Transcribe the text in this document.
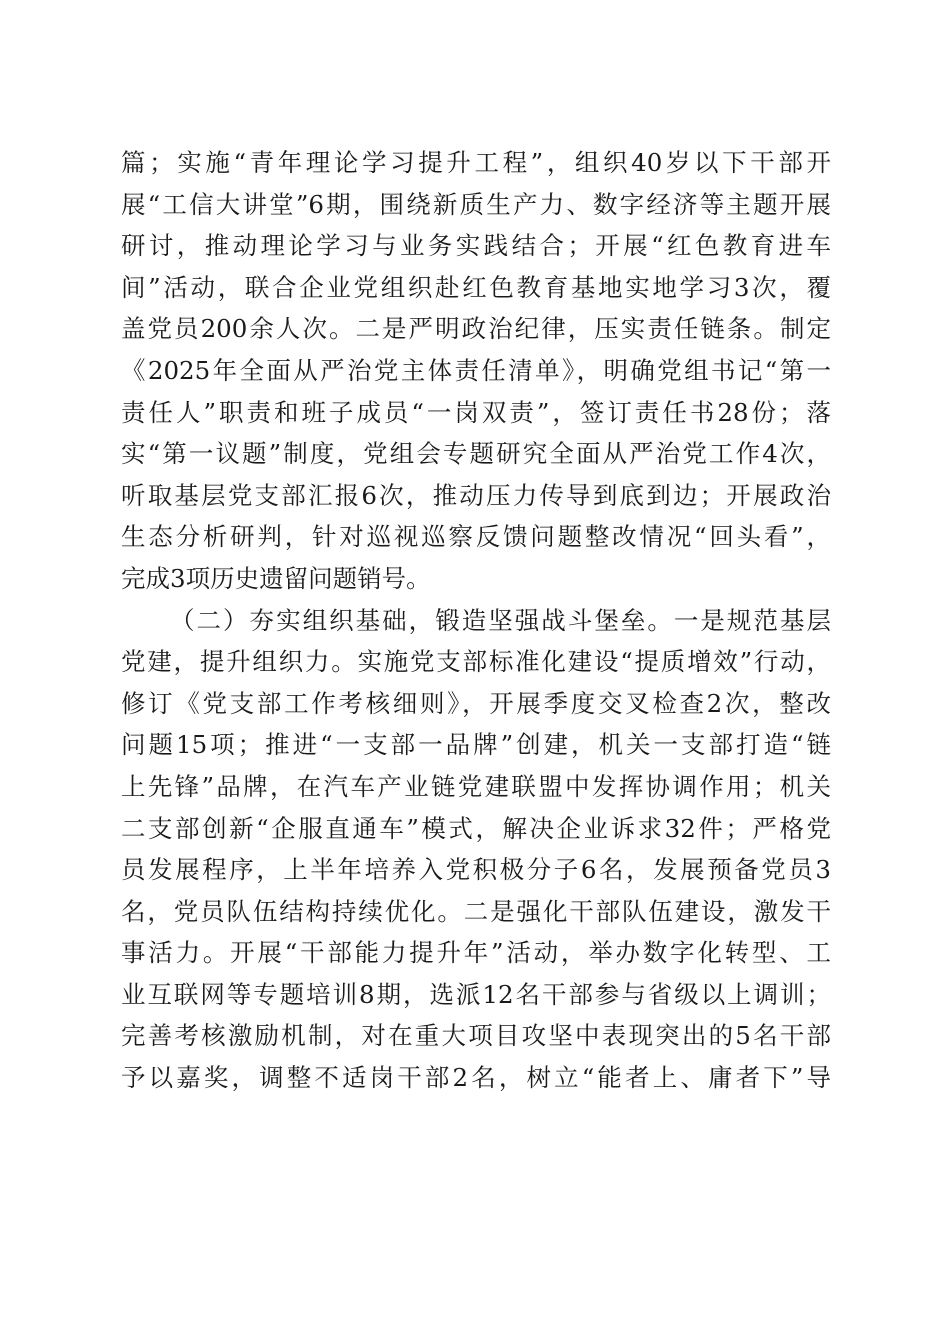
篇；实施“青年理论学习提升工程”，组织40岁以下干部开
展“工信大讲堂”6期，围绕新质生产力、数字经济等主题开展
研讨，推动理论学习与业务实践结合；开展“红色教育进车
间”活动，联合企业党组织赴红色教育基地实地学习3次，覆
盖党员200余人次。二是严明政治纪律，压实责任链条。制定
《2025年全面从严治党主体责任清单》，明确党组书记“第一
责任人”职责和班子成员“一岗双责”，签订责任书28份；落
实“第一议题”制度，党组会专题研究全面从严治党工作4次，
听取基层党支部汇报6次，推动压力传导到底到边；开展政治
生态分析研判，针对巡视巡察反馈问题整改情况“回头看”，
完成3项历史遗留问题销号。
（二）夯实组织基础，锻造坚强战斗堡垒。一是规范基层
党建，提升组织力。实施党支部标准化建设“提质增效”行动，
修订《党支部工作考核细则》，开展季度交叉检查2次，整改
问题15项；推进“一支部一品牌”创建，机关一支部打造“链
上先锋”品牌，在汽车产业链党建联盟中发挥协调作用；机关
二支部创新“企服直通车”模式，解决企业诉求32件；严格党
员发展程序，上半年培养入党积极分子6名，发展预备党员3
名，党员队伍结构持续优化。二是强化干部队伍建设，激发干
事活力。开展“干部能力提升年”活动，举办数字化转型、工
业互联网等专题培训8期，选派12名干部参与省级以上调训；
完善考核激励机制，对在重大项目攻坚中表现突出的5名干部
予以嘉奖，调整不适岗干部2名，树立“能者上、庸者下”导
